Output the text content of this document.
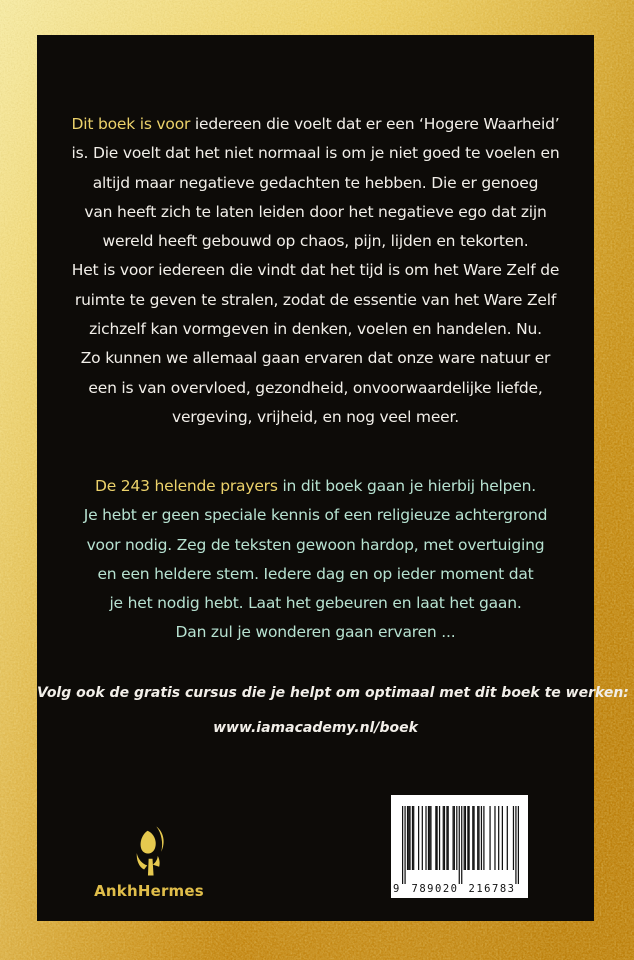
Dit boek is voor iedereen die voelt dat er een ‘Hogere Waarheid’
is. Die voelt dat het niet normaal is om je niet goed te voelen en
altijd maar negatieve gedachten te hebben. Die er genoeg
van heeft zich te laten leiden door het negatieve ego dat zijn
wereld heeft gebouwd op chaos, pijn, lijden en tekorten.
Het is voor iedereen die vindt dat het tijd is om het Ware Zelf de
ruimte te geven te stralen, zodat de essentie van het Ware Zelf
zichzelf kan vormgeven in denken, voelen en handelen. Nu.
Zo kunnen we allemaal gaan ervaren dat onze ware natuur er
een is van overvloed, gezondheid, onvoorwaardelijke liefde,
vergeving, vrijheid, en nog veel meer.
De 243 helende prayers in dit boek gaan je hierbij helpen.
Je hebt er geen speciale kennis of een religieuze achtergrond
voor nodig. Zeg de teksten gewoon hardop, met overtuiging
en een heldere stem. Iedere dag en op ieder moment dat
je het nodig hebt. Laat het gebeuren en laat het gaan.
Dan zul je wonderen gaan ervaren ...
Volg ook de gratis cursus die je helpt om optimaal met dit boek te werken:
www.iamacademy.nl/boek
AnkhHermes	9	789020 216783
